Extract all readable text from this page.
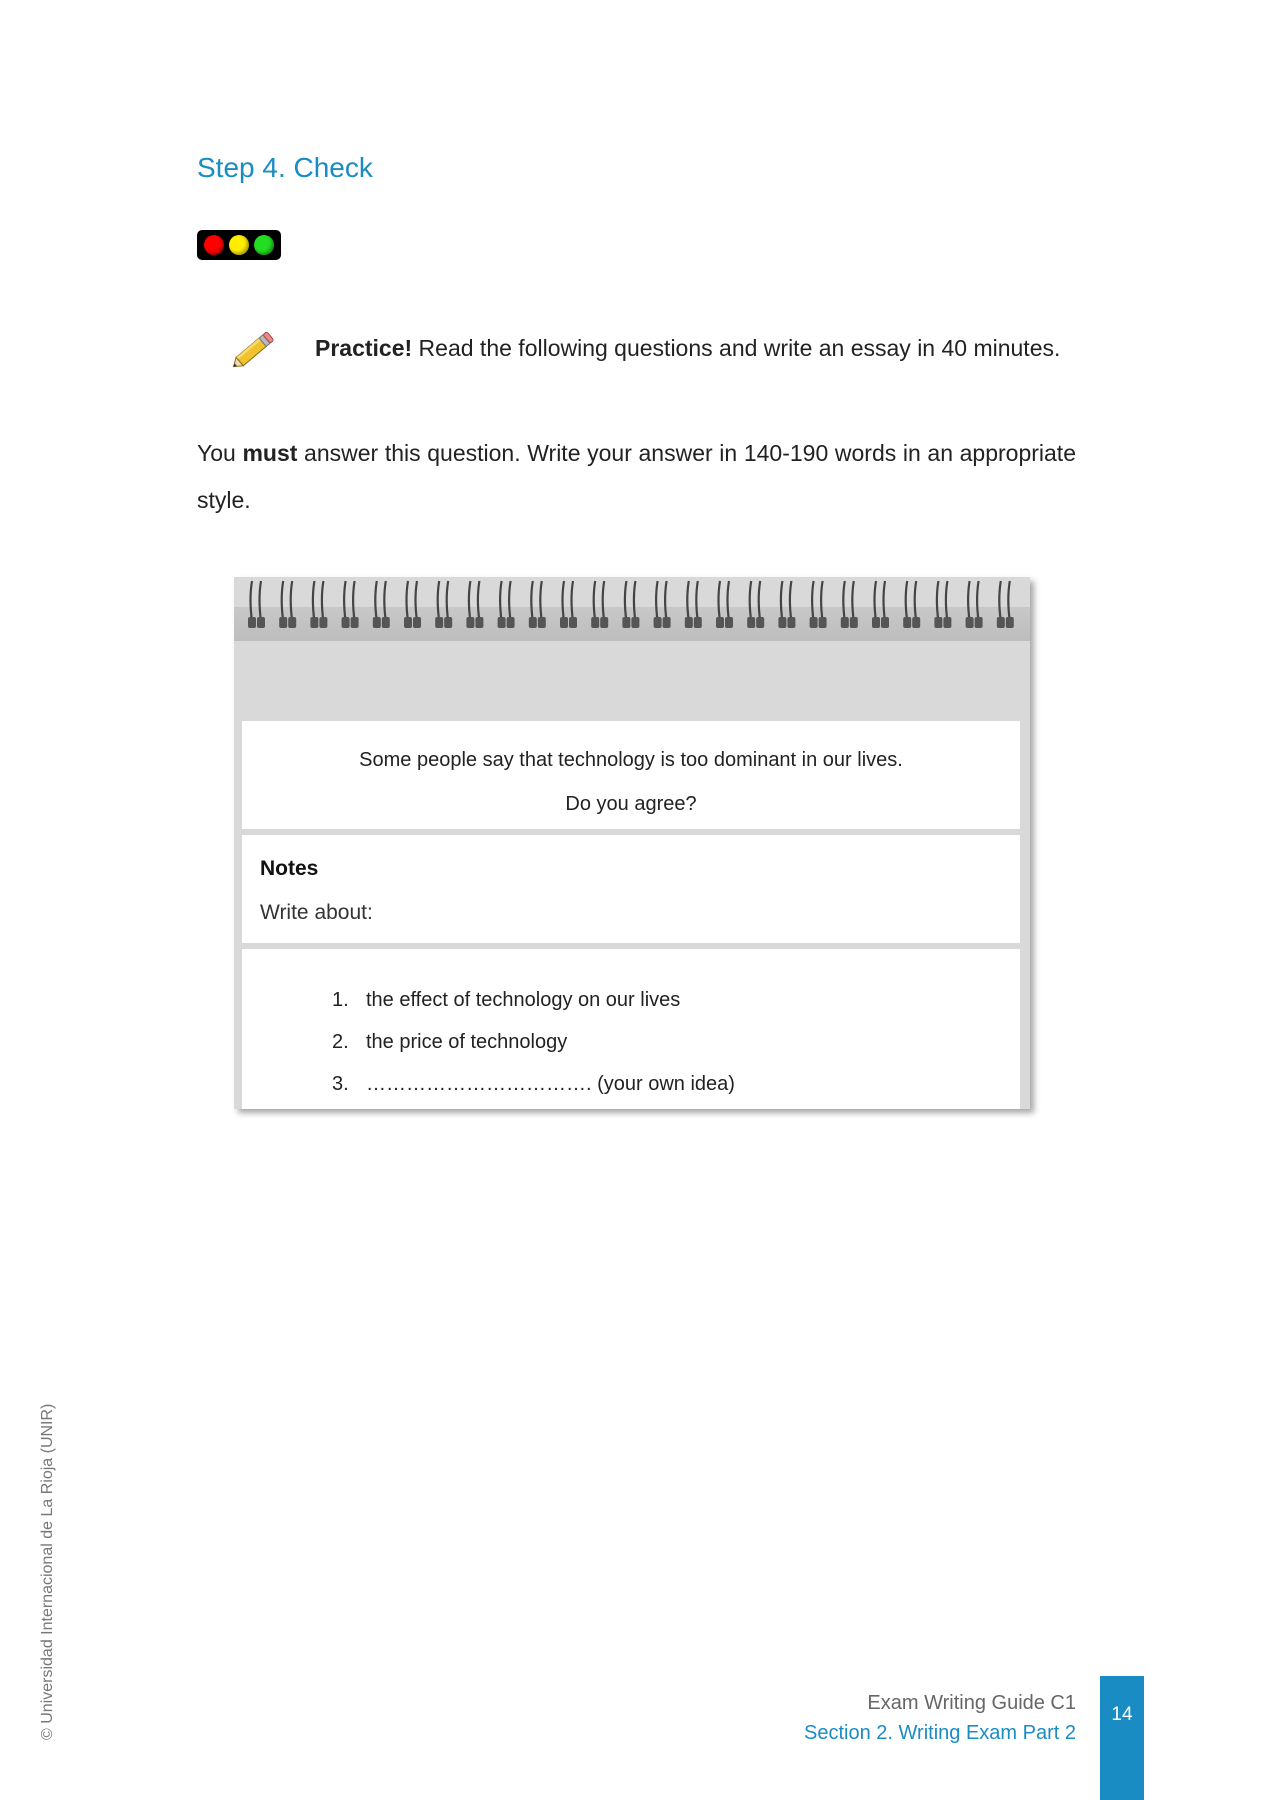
Step 4. Check

Practice! Read the following questions and write an essay in 40 minutes.

You must answer this question. Write your answer in 140-190 words in an appropriate style.

Some people say that technology is too dominant in our lives.

Do you agree?

Notes

Write about:

1. the effect of technology on our lives

2. the price of technology

3. ……………………………. (your own idea)

© Universidad Internacional de La Rioja (UNIR)	Exam Writing Guide C1

Section 2. Writing Exam Part 2

14
